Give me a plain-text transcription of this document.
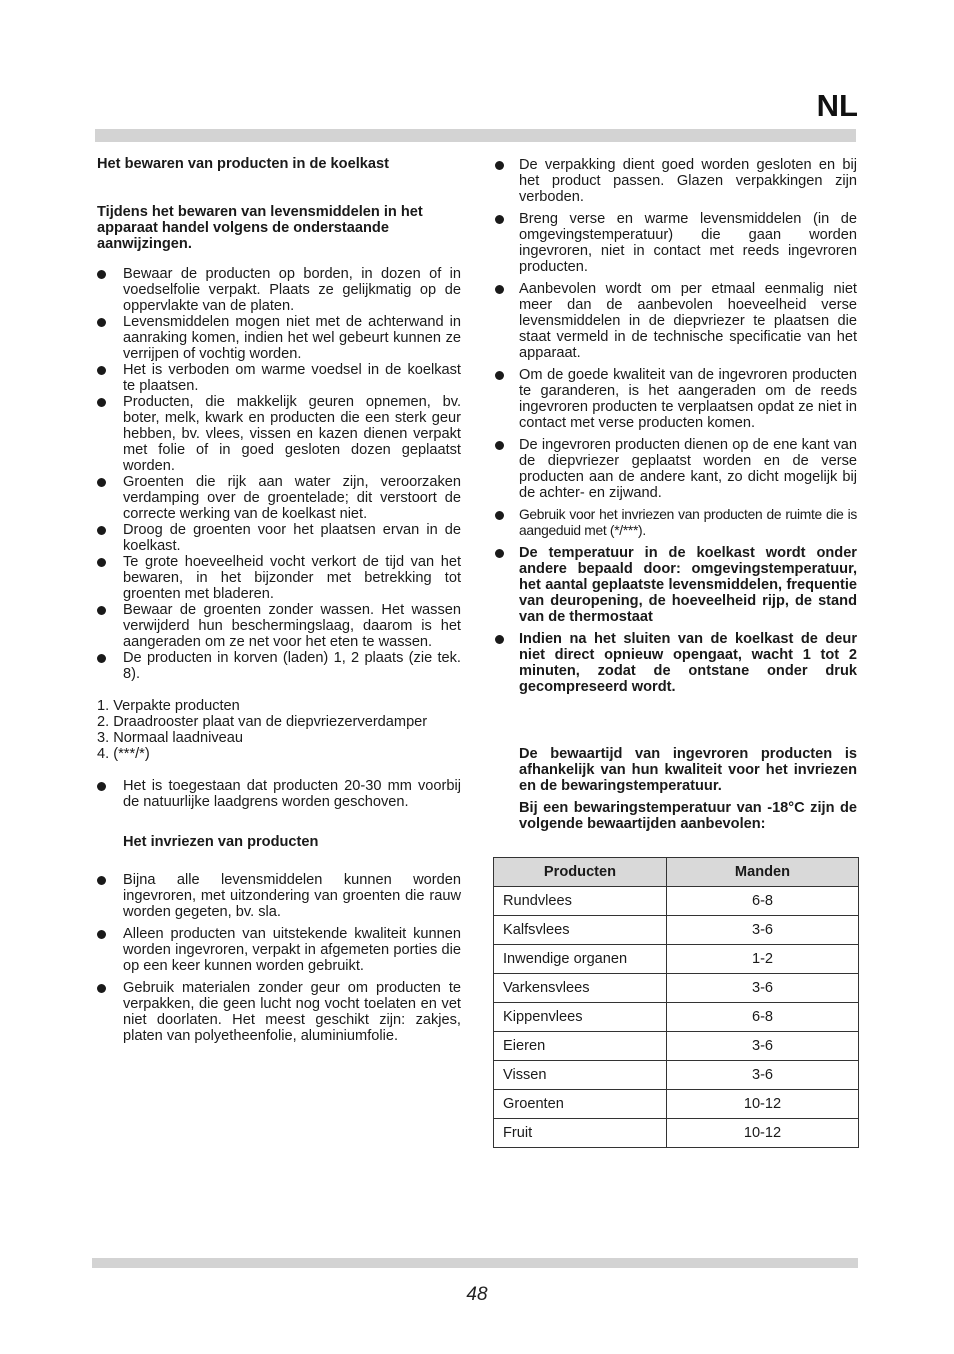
NL

Het bewaren van producten in de koelkast

Tijdens het bewaren van levensmiddelen in het apparaat handel volgens de onderstaande aanwijzingen.

Bewaar de producten op borden, in dozen of in voedselfolie verpakt. Plaats ze gelijkmatig op de oppervlakte van de platen.
Levensmiddelen mogen niet met de achterwand in aanraking komen, indien het wel gebeurt kunnen ze verrijpen of vochtig worden.
Het is verboden om warme voedsel in de koelkast te plaatsen.
Producten, die makkelijk geuren opnemen, bv. boter, melk, kwark en producten die een sterk geur hebben, bv. vlees, vissen en kazen dienen verpakt met folie of in goed gesloten dozen geplaatst worden.
Groenten die rijk aan water zijn, veroorzaken verdamping over de groentelade; dit verstoort de correcte werking van de koelkast niet.
Droog de groenten voor het plaatsen ervan in de koelkast.
Te grote hoeveelheid vocht verkort de tijd van het bewaren, in het bijzonder met betrekking tot groenten met bladeren.
Bewaar de groenten zonder wassen. Het wassen verwijderd hun beschermingslaag, daarom is het aangeraden om ze net voor het eten te wassen.
De producten in korven (laden) 1, 2 plaats (zie tek. 8).

1. Verpakte producten

2. Draadrooster plaat van de diepvriezerverdamper

3. Normaal laadniveau

4. (***/*)

Het is toegestaan dat producten 20-30 mm voorbij de natuurlijke laadgrens worden geschoven.

Het invriezen van producten

Bijna alle levensmiddelen kunnen worden ingevroren, met uitzondering van groenten die rauw worden gegeten, bv. sla.
Alleen producten van uitstekende kwaliteit kunnen worden ingevroren, verpakt in afgemeten porties die op een keer kunnen worden gebruikt.
Gebruik materialen zonder geur om producten te verpakken, die geen lucht nog vocht toelaten en vet niet doorlaten. Het meest geschikt zijn: zakjes, platen van polyetheenfolie, aluminiumfolie.
De verpakking dient goed worden gesloten en bij het product passen. Glazen verpakkingen zijn verboden.
Breng verse en warme levensmiddelen (in de omgevingstemperatuur) die gaan worden ingevroren, niet in contact met reeds ingevroren producten.
Aanbevolen wordt om per etmaal eenmalig niet meer dan de aanbevolen hoeveelheid verse levensmiddelen in de diepvriezer te plaatsen die staat vermeld in de technische specificatie van het apparaat.
Om de goede kwaliteit van de ingevroren producten te garanderen, is het aangeraden om de reeds ingevroren producten te verplaatsen opdat ze niet in contact met verse producten komen.
De ingevroren producten dienen op de ene kant van de diepvriezer geplaatst worden en de verse producten aan de andere kant, zo dicht mogelijk bij de achter- en zijwand.
Gebruik voor het invriezen van producten de ruimte die is aangeduid met (*/***).
De temperatuur in de koelkast wordt onder andere bepaald door: omgevingstemperatuur, het aantal geplaatste levensmiddelen, frequentie van deuropening, de hoeveelheid rijp, de stand van de thermostaat
Indien na het sluiten van de koelkast de deur niet direct opnieuw opengaat, wacht 1 tot 2 minuten, zodat de ontstane onder druk gecompreseerd wordt.

De bewaartijd van ingevroren producten is afhankelijk van hun kwaliteit voor het invriezen en de bewaringstemperatuur.

Bij een bewaringstemperatuur van -18°C zijn de volgende bewaartijden aanbevolen:

Producten	Manden
Rundvlees	6-8
Kalfsvlees	3-6
Inwendige organen	1-2
Varkensvlees	3-6
Kippenvlees	6-8
Eieren	3-6
Vissen	3-6
Groenten	10-12
Fruit	10-12
48
